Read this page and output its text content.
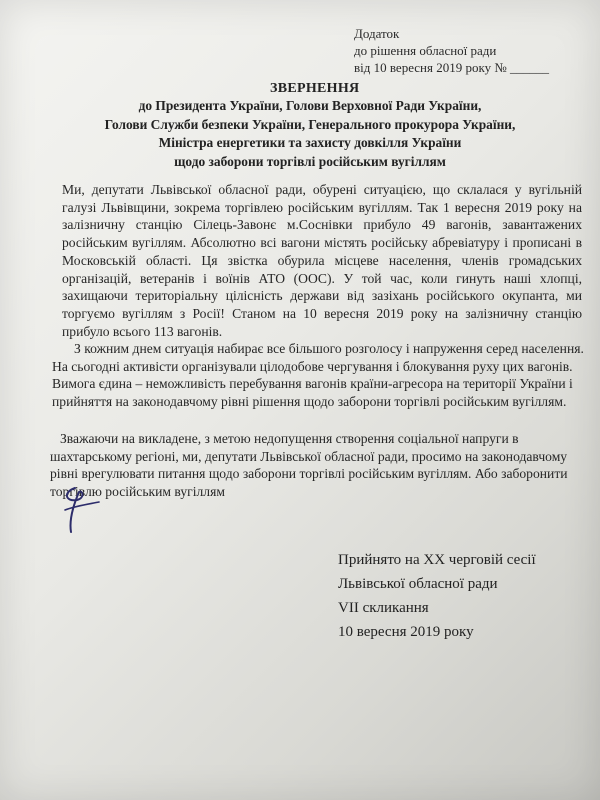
Додаток
до рішення обласної ради
від 10 вересня 2019 року № ______
ЗВЕРНЕННЯ
до Президента України, Голови Верховної Ради України,
Голови Служби безпеки України, Генерального прокурора України,
Міністра енергетики та захисту довкілля України
щодо заборони торгівлі російським вугіллям
Ми, депутати Львівської обласної ради, обурені ситуацією, що склалася у вугільній галузі Львівщини, зокрема торгівлею російським вугіллям. Так 1 вересня 2019 року на залізничну станцію Сілець-Завонє м.Соснівки прибуло 49 вагонів, завантажених російським вугіллям. Абсолютно всі вагони містять російську абревіатуру і прописані в Московській області. Ця звістка обурила місцеве населення, членів громадських організацій, ветеранів і воїнів АТО (ООС). У той час, коли гинуть наші хлопці, захищаючи територіальну цілісність держави від зазіхань російського окупанта, ми торгуємо вугіллям з Росії! Станом на 10 вересня 2019 року на залізничну станцію прибуло всього 113 вагонів.
З кожним днем ситуація набирає все більшого розголосу і напруження серед населення. На сьогодні активісти організували цілодобове чергування і блокування руху цих вагонів. Вимога єдина – неможливість перебування вагонів країни-агресора на території України і прийняття на законодавчому рівні рішення щодо заборони торгівлі російським вугіллям.
Зважаючи на викладене, з метою недопущення створення соціальної напруги в шахтарському регіоні, ми, депутати Львівської обласної ради, просимо на законодавчому рівні врегулювати питання щодо заборони торгівлі російським вугіллям. Або заборонити торгівлю російським вугіллям
Прийнято на XX черговій сесії
Львівської обласної ради
VII скликання
10 вересня 2019 року
